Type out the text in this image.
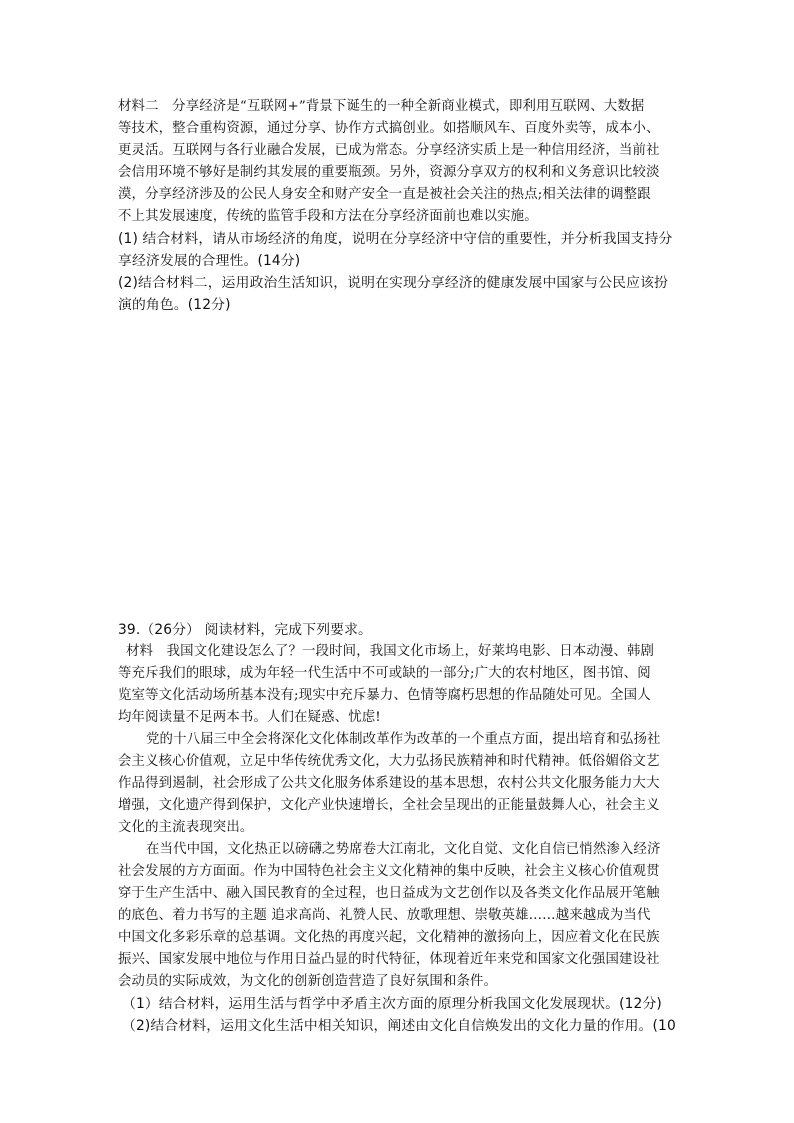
材料二　分享经济是“互联网+”背景下诞生的一种全新商业模式，即利用互联网、大数据
等技术，整合重构资源，通过分享、协作方式搞创业。如搭顺风车、百度外卖等，成本小、
更灵活。互联网与各行业融合发展，已成为常态。分享经济实质上是一种信用经济，当前社
会信用环境不够好是制约其发展的重要瓶颈。另外，资源分享双方的权利和义务意识比较淡
漠，分享经济涉及的公民人身安全和财产安全一直是被社会关注的热点;相关法律的调整跟
不上其发展速度，传统的监管手段和方法在分享经济面前也难以实施。
(1) 结合材料，请从市场经济的角度，说明在分享经济中守信的重要性，并分析我国支持分
享经济发展的合理性。(14分)
(2)结合材料二，运用政治生活知识，说明在实现分享经济的健康发展中国家与公民应该扮
演的角色。(12分)
39.（26分） 阅读材料，完成下列要求。
材料　我国文化建设怎么了？一段时间，我国文化市场上，好莱坞电影、日本动漫、韩剧
等充斥我们的眼球，成为年轻一代生活中不可或缺的一部分;广大的农村地区，图书馆、阅
览室等文化活动场所基本没有;现实中充斥暴力、色情等腐朽思想的作品随处可见。全国人
均年阅读量不足两本书。人们在疑惑、忧虑!
党的十八届三中全会将深化文化体制改革作为改革的一个重点方面，提出培育和弘扬社
会主义核心价值观，立足中华传统优秀文化，大力弘扬民族精神和时代精神。低俗媚俗文艺
作品得到遏制，社会形成了公共文化服务体系建设的基本思想，农村公共文化服务能力大大
增强，文化遗产得到保护，文化产业快速增长，全社会呈现出的正能量鼓舞人心，社会主义
文化的主流表现突出。
在当代中国，文化热正以磅礴之势席卷大江南北，文化自觉、文化自信已悄然渗入经济
社会发展的方方面面。作为中国特色社会主义文化精神的集中反映，社会主义核心价值观贯
穿于生产生活中、融入国民教育的全过程，也日益成为文艺创作以及各类文化作品展开笔触
的底色、着力书写的主题 追求高尚、礼赞人民、放歌理想、崇敬英雄……越来越成为当代
中国文化多彩乐章的总基调。文化热的再度兴起，文化精神的激扬向上，因应着文化在民族
振兴、国家发展中地位与作用日益凸显的时代特征，体现着近年来党和国家文化强国建设社
会动员的实际成效，为文化的创新创造营造了良好氛围和条件。
（1）结合材料，运用生活与哲学中矛盾主次方面的原理分析我国文化发展现状。(12分)
（2)结合材料，运用文化生活中相关知识，阐述由文化自信焕发出的文化力量的作用。(10
